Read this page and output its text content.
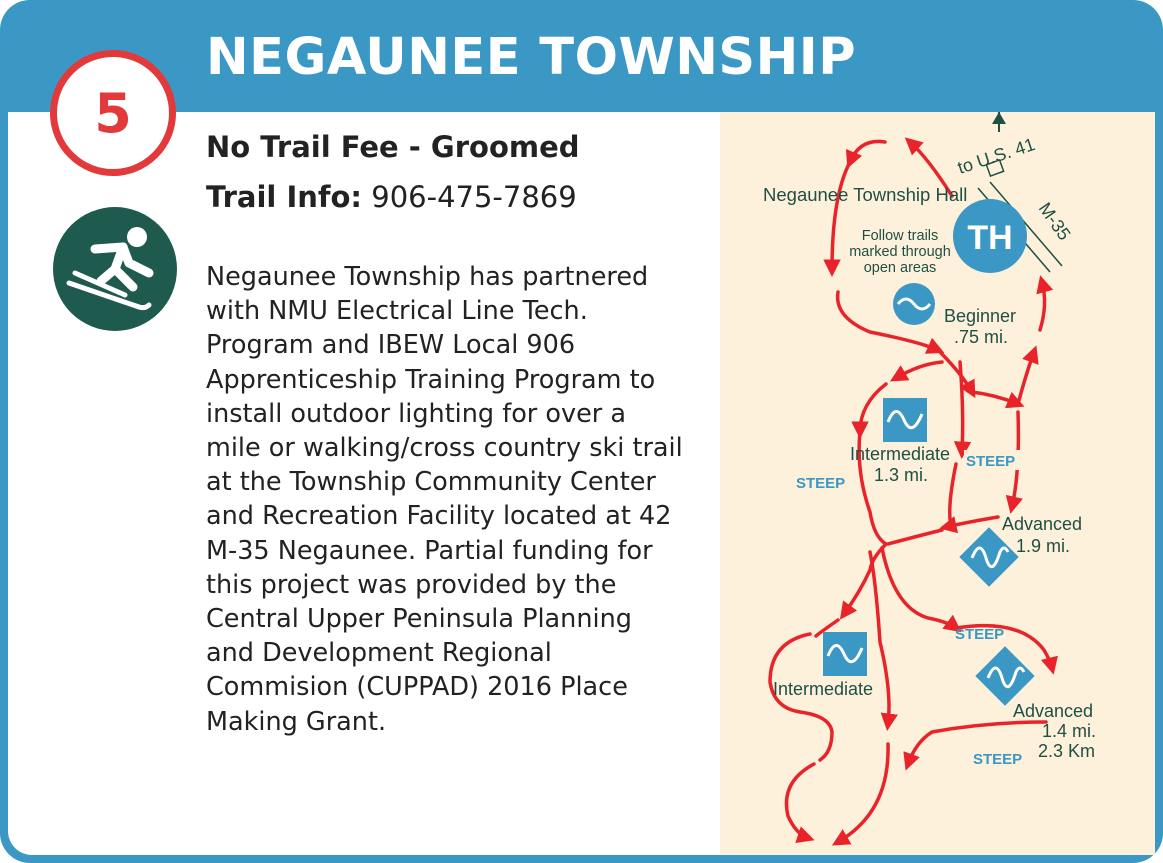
NEGAUNEE TOWNSHIP
5
No Trail Fee - Groomed
Trail Info: 906-475-7869
Negaunee Township has partnered
with NMU Electrical Line Tech.
Program and IBEW Local 906
Apprenticeship Training Program to
install outdoor lighting for over a
mile or walking/cross country ski trail
at the Township Community Center
and Recreation Facility located at 42
M-35 Negaunee. Partial funding for
this project was provided by the
Central Upper Peninsula Planning
and Development Regional
Commision (CUPPAD) 2016 Place
Making Grant.
TH
to U.S. 41
M-35
Negaunee Township Hall
Follow trails
marked through
open areas
Beginner
.75 mi.
Intermediate
1.3 mi.
Intermediate
Advanced
1.9 mi.
Advanced
1.4 mi.
2.3 Km
STEEP
STEEP
STEEP
STEEP
